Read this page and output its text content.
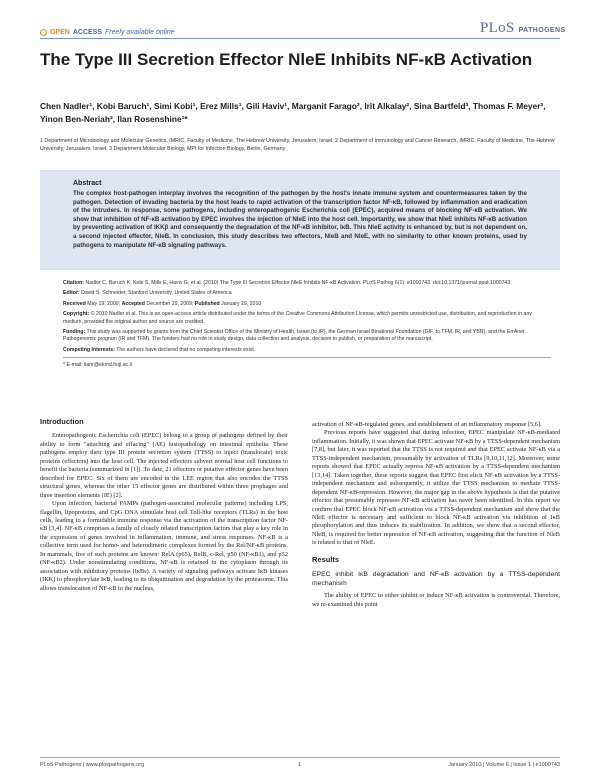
OPEN ACCESS Freely available online	PLoS PATHOGENS
The Type III Secretion Effector NleE Inhibits NF-κB Activation
Chen Nadler¹, Kobi Baruch¹, Simi Kobi¹, Erez Mills¹, Gili Haviv¹, Marganit Farago², Irit Alkalay², Sina Bartfeld³, Thomas F. Meyer³, Yinon Ben-Neriah², Ilan Rosenshine¹*
1 Department of Microbiology and Molecular Genetics, IMRIC, Faculty of Medicine, The Hebrew University, Jerusalem, Israel, 2 Department of Immunology and Cancer Research, IMRIC, Faculty of Medicine, The Hebrew University, Jerusalem, Israel, 3 Department Molecular Biology, MPI for Infection Biology, Berlin, Germany
Abstract
The complex host-pathogen interplay involves the recognition of the pathogen by the host's innate immune system and countermeasures taken by the pathogen. Detection of invading bacteria by the host leads to rapid activation of the transcription factor NF-κB, followed by inflammation and eradication of the intruders. In response, some pathogens, including enteropathogenic Escherichia coli (EPEC), acquired means of blocking NF-κB activation. We show that inhibition of NF-κB activation by EPEC involves the injection of NleE into the host cell. Importantly, we show that NleE inhibits NF-κB activation by preventing activation of IKKβ and consequently the degradation of the NF-κB inhibitor, IκB. This NleE activity is enhanced by, but is not dependent on, a second injected effector, NleB. In conclusion, this study describes two effectors, NleB and NleE, with no similarity to other known proteins, used by pathogens to manipulate NF-κB signaling pathways.

Citation: Nadler C, Baruch K, Kobi S, Mills E, Haviv G, et al. (2010) The Type III Secretion Effector NleE Inhibits NF-κB Activation. PLoS Pathog 6(1): e1000743. doi:10.1371/journal.ppat.1000743

Editor: David S. Schneider, Stanford University, United States of America

Received May 19, 2009; Accepted December 29, 2009; Published January 29, 2010

Copyright: © 2010 Nadler et al. This is an open-access article distributed under the terms of the Creative Commons Attribution License, which permits unrestricted use, distribution, and reproduction in any medium, provided the original author and source are credited.

Funding: This study was supported by grants from the Chief Scientist Office of the Ministry of Health, Israel (to IR), the German Israel Binational Foundation (GIF, to TFM, IR, and YBN), and the ErrAnet Pathogenomic program (IR and TFM). The funders had no role in study design, data collection and analysis, decision to publish, or preparation of the manuscript.

Competing Interests: The authors have declared that no competing interests exist.

* E-mail: ilanr@ekmd.huji.ac.il

Introduction

Enteropathogenic Escherichia coli (EPEC) belong to a group of pathogens defined by their ability to form "attaching and effacing" (AE) histopathology on intestinal epithelia. These pathogens employ their type III protein secretion system (TTSS) to inject (translocate) toxic proteins (effectors) into the host cell. The injected effectors subvert normal host cell functions to benefit the bacteria (summarized in [1]). To date, 21 effectors or putative effector genes have been described for EPEC. Six of them are encoded in the LEE region that also encodes the TTSS structural genes, whereas the other 15 effector genes are distributed within three prophages and three insertion elements (IE) [2].

Upon infection, bacterial PAMPs (pathogen-associated molecular patterns) including LPS, flagellin, lipoproteins, and CpG DNA stimulate host cell Toll-like receptors (TLRs) in the host cells, leading to a formidable immune response via the activation of the transcription factor NF-κB [3,4]. NF-κB comprises a family of closely related transcription factors that play a key role in the expression of genes involved in inflammation, immune, and stress responses. NF-κB is a collective term used for homo- and heterodimeric complexes formed by the Rel/NF-κB proteins. In mammals, five of such proteins are known: RelA (p65), RelB, c-Rel, p50 (NF-κB1), and p52 (NF-κB2). Under nonstimulating conditions, NF-κB is retained in the cytoplasm through its association with inhibitory proteins (IκBs). A variety of signaling pathways activate IκB kinases (IKK) to phosphorylate IκB, leading to its ubiquitination and degradation by the proteasome. This allows translocation of NF-κB to the nucleus,

activation of NF-κB-regulated genes, and establishment of an inflammatory response [5,6].

Previous reports have suggested that during infection, EPEC manipulate NF-κB-mediated inflammation. Initially, it was shown that EPEC activate NF-κB by a TTSS-dependent mechanism [7,8], but later, it was reported that the TTSS is not required and that EPEC activate NF-κB via a TTSS-independent mechanism, presumably by activation of TLRs [9,10,11,12]. Moreover, some reports showed that EPEC actually repress NF-κB activation by a TTSS-dependent mechanism [13,14]. Taken together, these reports suggest that EPEC first elicit NF-κB activation by a TTSS-independent mechanism and subsequently, it utilize the TTSS mechanism to mediate TTSS-dependent NF-κB-repression. However, the major gap in the above hypothesis is that the putative effector that presumably represses NF-κB activation has never been identified. In this report we confirm that EPEC block NF-κB activation via a TTSS-dependent mechanism and show that the NleE effector is necessary and sufficient to block NF-κB activation via inhibition of IκB phosphorylation and thus induces its stabilization. In addition, we show that a second effector, NleB, is required for better repression of NF-κB activation, suggesting that the function of NleB is related to that of NleE.

Results
EPEC inhibit IκB degradation and NF-κB activation by a TTSS-dependent mechanism

The ability of EPEC to either inhibit or induce NF-κB activation is controversial. Therefore, we re-examined this point

PLoS Pathogens | www.plospathogens.org	1	January 2010 | Volume 6 | Issue 1 | e1000743
